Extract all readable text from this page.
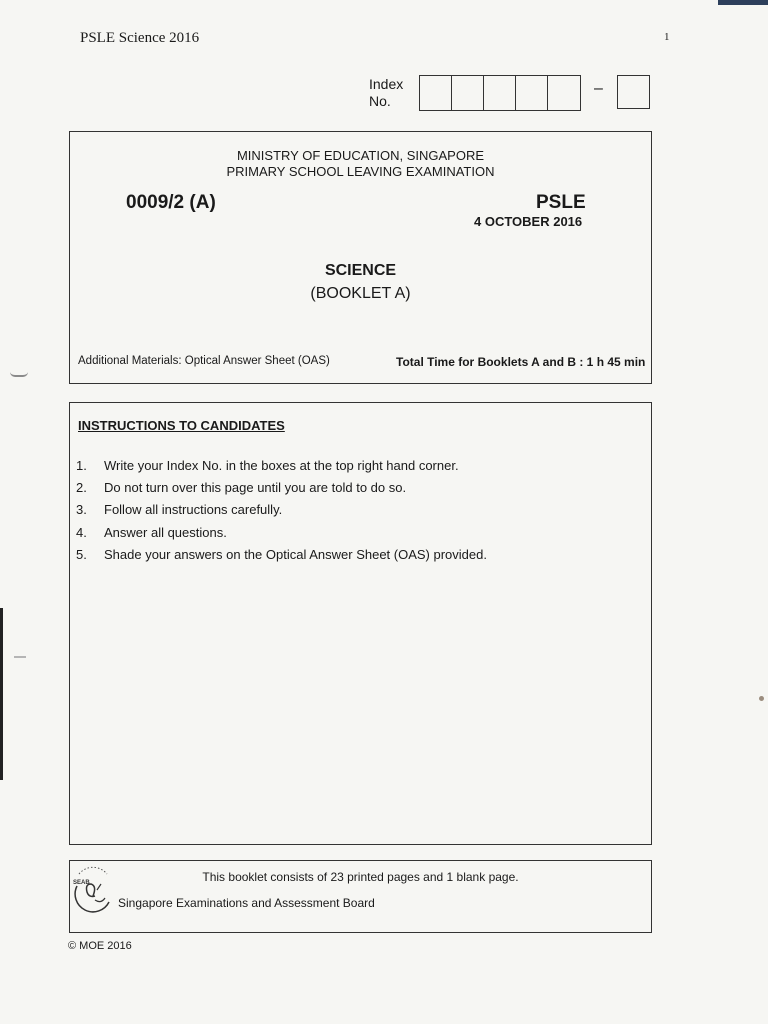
PSLE Science 2016	1
Index
No.
–
MINISTRY OF EDUCATION, SINGAPORE
PRIMARY SCHOOL LEAVING EXAMINATION
0009/2 (A)	PSLE
4 OCTOBER 2016
SCIENCE
(BOOKLET A)
Additional Materials: Optical Answer Sheet (OAS)	Total Time for Booklets A and B : 1 h 45 min
INSTRUCTIONS TO CANDIDATES
1.	Write your Index No. in the boxes at the top right hand corner.
2.	Do not turn over this page until you are told to do so.
3.	Follow all instructions carefully.
4.	Answer all questions.
5.	Shade your answers on the Optical Answer Sheet (OAS) provided.
This booklet consists of 23 printed pages and 1 blank page.
SEAB
Singapore Examinations and Assessment Board
© MOE 2016
